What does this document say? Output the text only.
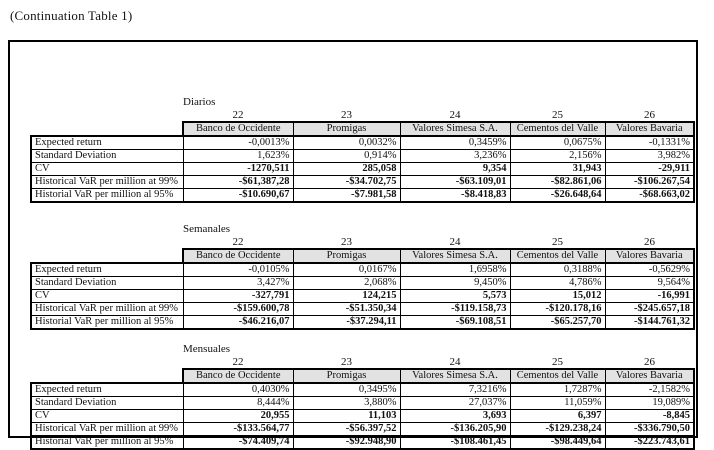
(Continuation Table 1)
Diarios
	22	23	24	25	26
	Banco de Occidente	Promigas	Valores Simesa S.A.	Cementos del Valle	Valores Bavaria
Expected return	-0,0013%	0,0032%	0,3459%	0,0675%	-0,1331%
Standard Deviation	1,623%	0,914%	3,236%	2,156%	3,982%
CV	-1270,511	285,058	9,354	31,943	-29,911
Historical VaR per million at 99%	-$61,387,28	-$34.702,75	-$63.109,01	-$82.861,06	-$106.267,54
Historial VaR per million al 95%	-$10.690,67	-$7.981,58	-$8.418,83	-$26.648,64	-$68.663,02
Semanales
	22	23	24	25	26
	Banco de Occidente	Promigas	Valores Simesa S.A.	Cementos del Valle	Valores Bavaria
Expected return	-0,0105%	0,0167%	1,6958%	0,3188%	-0,5629%
Standard Deviation	3,427%	2,068%	9,450%	4,786%	9,564%
CV	-327,791	124,215	5,573	15,012	-16,991
Historical VaR per million at 99%	-$159.600,78	-$51.350,34	-$119.158,73	-$120.178,16	-$245.657,18
Historial VaR per million al 95%	-$46.216,07	-$37.294,11	-$69.108,51	-$65.257,70	-$144.761,32
Mensuales
	22	23	24	25	26
	Banco de Occidente	Promigas	Valores Simesa S.A.	Cementos del Valle	Valores Bavaria
Expected return	0,4030%	0,3495%	7,3216%	1,7287%	-2,1582%
Standard Deviation	8,444%	3,880%	27,037%	11,059%	19,089%
CV	20,955	11,103	3,693	6,397	-8,845
Historical VaR per million at 99%	-$133.564,77	-$56.397,52	-$136.205,90	-$129.238,24	-$336.790,50
Historial VaR per million al 95%	-$74.409,74	-$92.948,90	-$108.461,45	-$98.449,64	-$223.743,61
